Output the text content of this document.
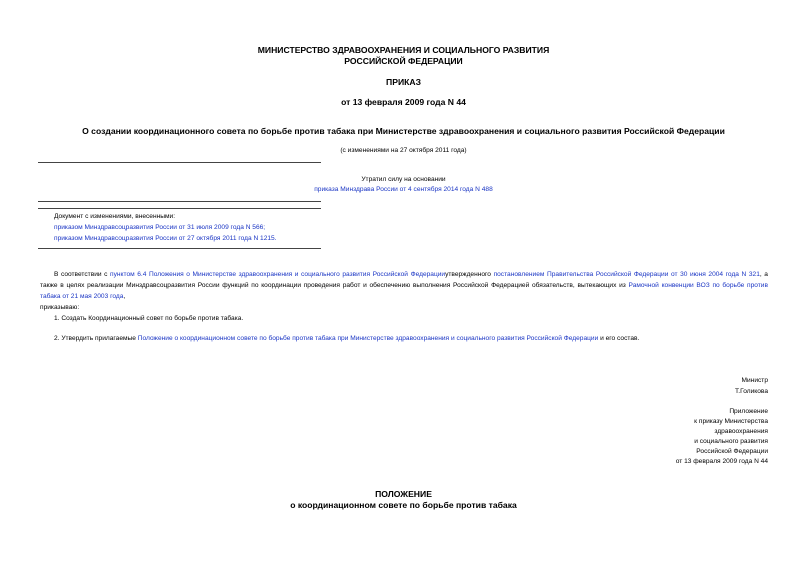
МИНИСТЕРСТВО ЗДРАВООХРАНЕНИЯ И СОЦИАЛЬНОГО РАЗВИТИЯ

РОССИЙСКОЙ ФЕДЕРАЦИИ

ПРИКАЗ

от 13 февраля 2009 года N 44

О создании координационного совета по борьбе против табака при Министерстве здравоохранения и социального развития Российской Федерации

(с изменениями на 27 октября 2011 года)

Утратил силу на основании

приказа Минздрава России от 4 сентября 2014 года N 488

Документ с изменениями, внесенными:

приказом Минздравсоцразвития России от 31 июля 2009 года N 566;

приказом Минздравсоцразвития России от 27 октября 2011 года N 1215.

В соответствии с пунктом 6.4 Положения о Министерстве здравоохранения и социального развития Российской Федерацииутвержденного постановлением Правительства Российской Федерации от 30 июня 2004 года N 321, а также в целях реализации Минздравсоцразвития России функций по координации проведения работ и обеспечению выполнения Российской Федерацией обязательств, вытекающих из Рамочной конвенции ВОЗ по борьбе против табака от 21 мая 2003 года,

приказываю:

1. Создать Координационный совет по борьбе против табака.

2. Утвердить прилагаемые Положение о координационном совете по борьбе против табака при Министерстве здравоохранения и социального развития Российской Федерации и его состав.

Министр
Т.Голикова
Приложение
к приказу Министерства
здравоохранения
и социального развития
Российской Федерации
от 13 февраля 2009 года N 44

ПОЛОЖЕНИЕ

о координационном совете по борьбе против табака
